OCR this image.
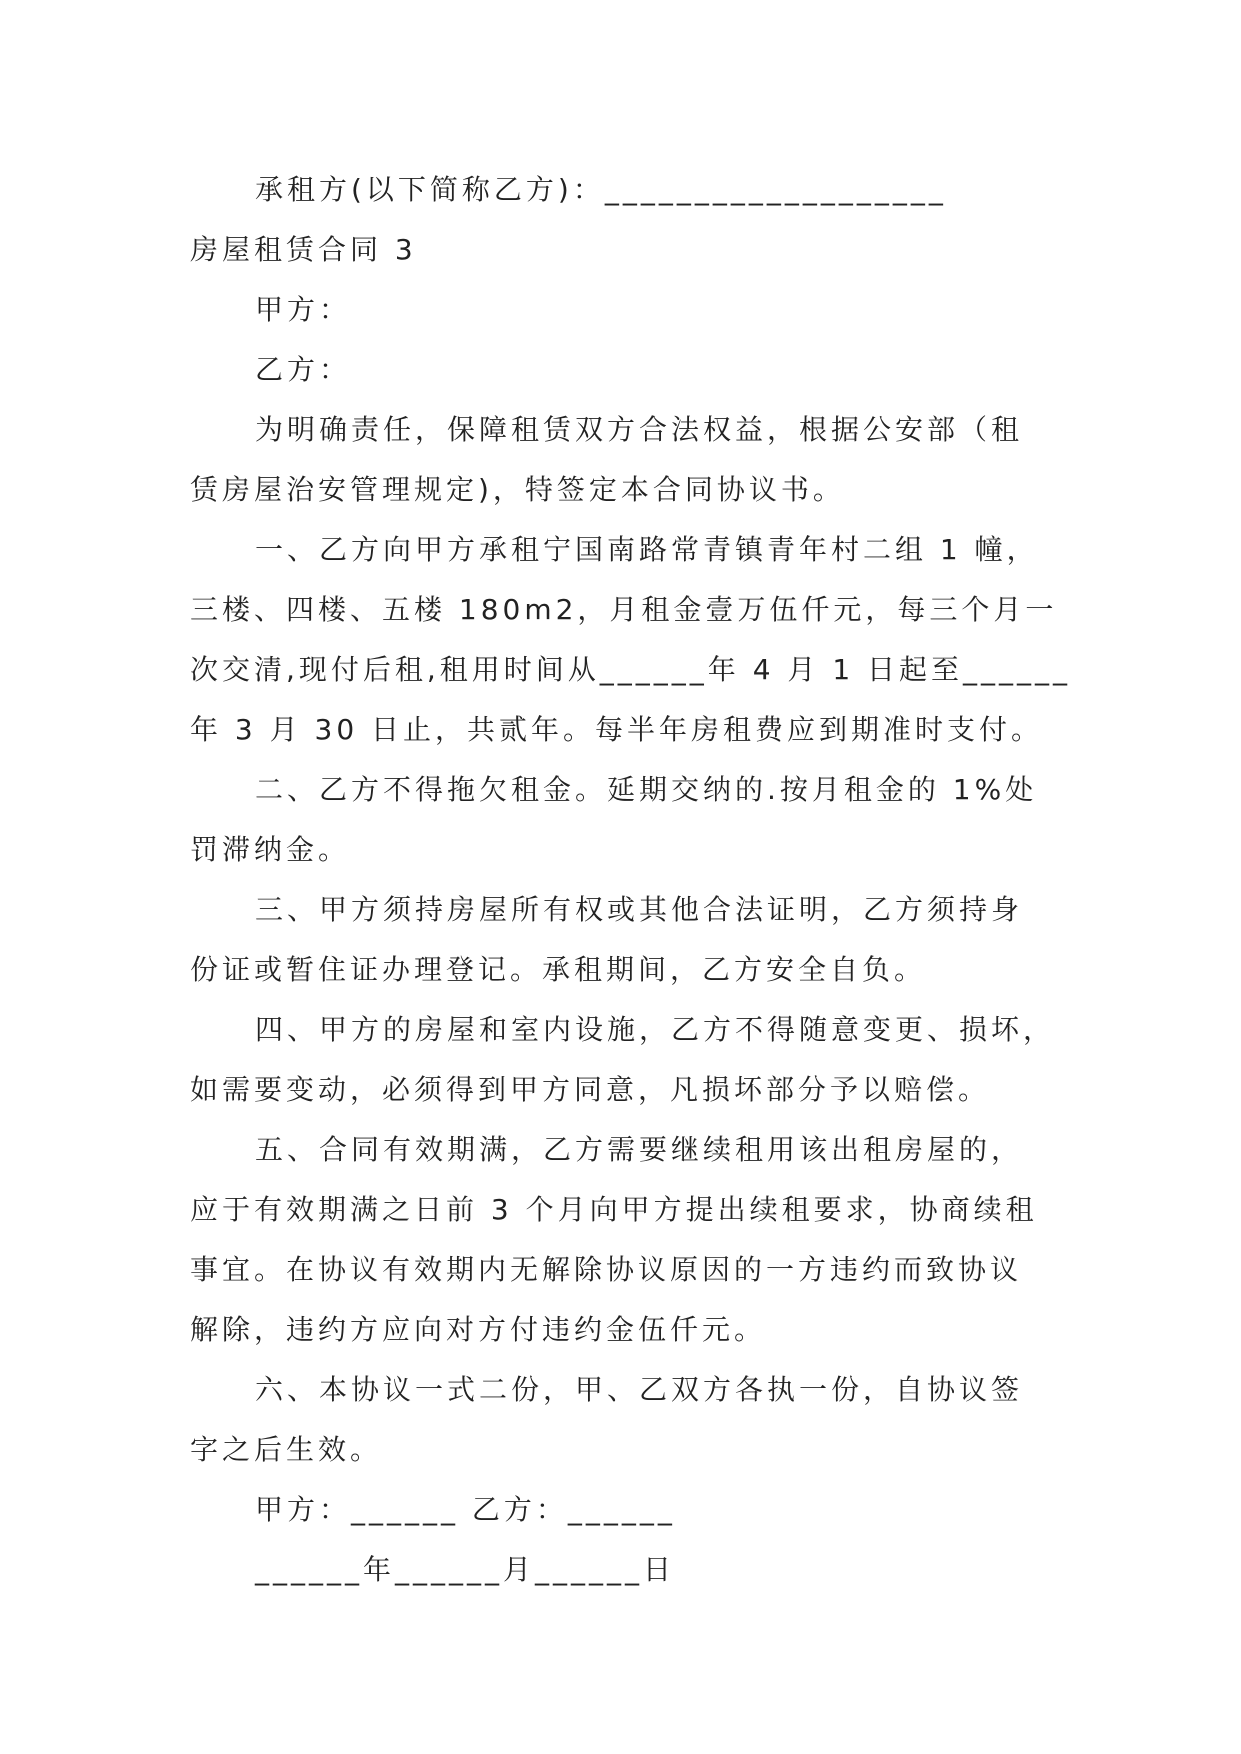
承租方(以下简称乙方)：___________________
房屋租赁合同 3
甲方：
乙方：
为明确责任，保障租赁双方合法权益，根据公安部（租
赁房屋治安管理规定)，特签定本合同协议书。
一、乙方向甲方承租宁国南路常青镇青年村二组 1 幢，
三楼、四楼、五楼 180m2，月租金壹万伍仟元，每三个月一
次交清,现付后租,租用时间从______年 4 月 1 日起至______
年 3 月 30 日止，共贰年。每半年房租费应到期准时支付。
二、乙方不得拖欠租金。延期交纳的.按月租金的 1%处
罚滞纳金。
三、甲方须持房屋所有权或其他合法证明，乙方须持身
份证或暂住证办理登记。承租期间，乙方安全自负。
四、甲方的房屋和室内设施，乙方不得随意变更、损坏，
如需要变动，必须得到甲方同意，凡损坏部分予以赔偿。
五、合同有效期满，乙方需要继续租用该出租房屋的，
应于有效期满之日前 3 个月向甲方提出续租要求，协商续租
事宜。在协议有效期内无解除协议原因的一方违约而致协议
解除，违约方应向对方付违约金伍仟元。
六、本协议一式二份，甲、乙双方各执一份，自协议签
字之后生效。
甲方：______ 乙方：______
______年______月______日
